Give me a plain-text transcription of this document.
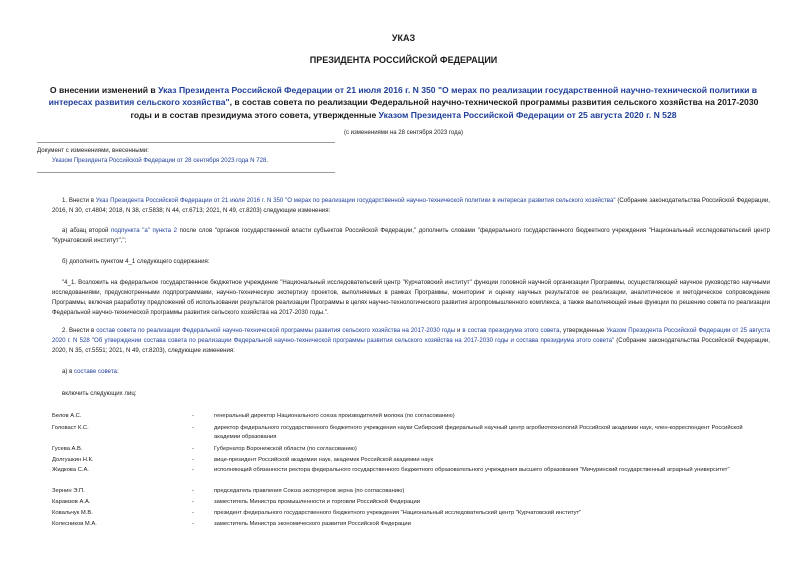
УКАЗ
ПРЕЗИДЕНТА РОССИЙСКОЙ ФЕДЕРАЦИИ
О внесении изменений в Указ Президента Российской Федерации от 21 июля 2016 г. N 350 "О мерах по реализации государственной научно-технической политики в интересах развития сельского хозяйства", в состав совета по реализации Федеральной научно-технической программы развития сельского хозяйства на 2017-2030 годы и в состав президиума этого совета, утвержденные Указом Президента Российской Федерации от 25 августа 2020 г. N 528
(с изменениями на 28 сентября 2023 года)
Документ с изменениями, внесенными:
Указом Президента Российской Федерации от 28 сентября 2023 года N 728.
1. Внести в Указ Президента Российской Федерации от 21 июля 2016 г. N 350 "О мерах по реализации государственной научно-технической политики в интересах развития сельского хозяйства" (Собрание законодательства Российской Федерации, 2016, N 30, ст.4804; 2018, N 38, ст.5838; N 44, ст.6713; 2021, N 49, ст.8203) следующие изменения:
а) абзац второй подпункта "а" пункта 2 после слов "органов государственной власти субъектов Российской Федерации," дополнить словами "федерального государственного бюджетного учреждения "Национальный исследовательский центр "Курчатовский институт",";
б) дополнить пунктом 4_1 следующего содержания:
"4_1. Возложить на федеральное государственное бюджетное учреждение "Национальный исследовательский центр "Курчатовский институт" функции головной научной организации Программы, осуществляющей научное руководство научными исследованиями, предусмотренными подпрограммами, научно-техническую экспертизу проектов, выполняемых в рамках Программы, мониторинг и оценку научных результатов ее реализации, аналитическое и методическое сопровождение Программы, включая разработку предложений об использовании результатов реализации Программы в целях научно-технологического развития агропромышленного комплекса, а также выполняющей иные функции по решению совета по реализации Федеральной научно-технической программы развития сельского хозяйства на 2017-2030 годы.".
2. Внести в состав совета по реализации Федеральной научно-технической программы развития сельского хозяйства на 2017-2030 годы и в состав президиума этого совета, утвержденные Указом Президента Российской Федерации от 25 августа 2020 г. N 528 "Об утверждении состава совета по реализации Федеральной научно-технической программы развития сельского хозяйства на 2017-2030 годы и состава президиума этого совета" (Собрание законодательства Российской Федерации, 2020, N 35, ст.5551; 2021, N 49, ст.8203), следующие изменения:
а) в составе совета:
включить следующих лиц:
Белов А.С.	-	генеральный директор Национального союза производителей молока (по согласованию)
Головаст К.С.	-	директор федерального государственного бюджетного учреждения науки Сибирский федеральный научный центр агробиотехнологий Российской академии наук, член-корреспондент Российской академии образования
Гусева А.В.	-	Губернатор Воронежской области (по согласованию)
Долгушкин Н.К.	-	вице-президент Российской академии наук, академик Российской академии наук
Жидкова С.А.	-	исполняющий обязанности ректора федерального государственного бюджетного образовательного учреждения высшего образования "Мичуринский государственный аграрный университет"
Зернин Э.П.	-	председатель правления Союза экспортеров зерна (по согласованию)
Карамзов А.А.	-	заместитель Министра промышленности и торговли Российской Федерации
Ковальчук М.В.	-	президент федерального государственного бюджетного учреждения "Национальный исследовательский центр "Курчатовский институт"
Колесников М.А.	-	заместитель Министра экономического развития Российской Федерации
